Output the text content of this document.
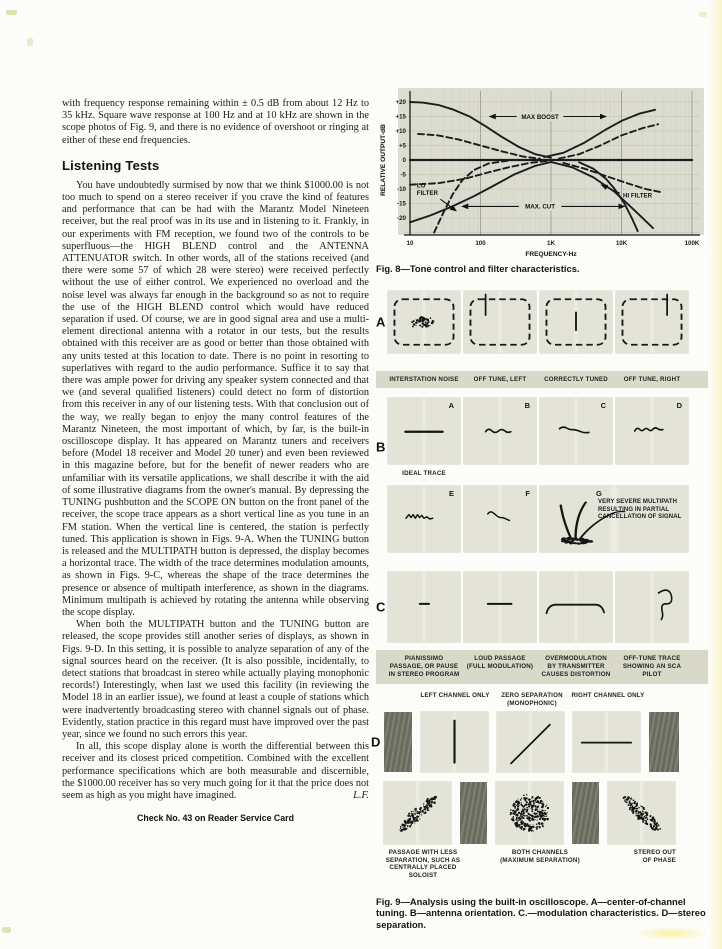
with frequency response remaining within ± 0.5 dB from about 12 Hz to 35 kHz. Square wave response at 100 Hz and at 10 kHz are shown in the scope photos of Fig. 9, and there is no evidence of overshoot or ringing at either of these end frequencies.

Listening Tests

You have undoubtedly surmised by now that we think $1000.00 is not too much to spend on a stereo receiver if you crave the kind of features and performance that can be had with the Marantz Model Nineteen receiver, but the real proof was in its use and in listening to it. Frankly, in our experiments with FM reception, we found two of the controls to be superfluous—the HIGH BLEND control and the ANTENNA ATTENUATOR switch. In other words, all of the stations received (and there were some 57 of which 28 were stereo) were received perfectly without the use of either control. We experienced no overload and the noise level was always far enough in the background so as not to require the use of the HIGH BLEND control which would have reduced separation if used. Of course, we are in good signal area and use a multi-element directional antenna with a rotator in our tests, but the results obtained with this receiver are as good or better than those obtained with any units tested at this location to date. There is no point in resorting to superlatives with regard to the audio performance. Suffice it to say that there was ample power for driving any speaker system connected and that we (and several qualified listeners) could detect no form of distortion from this receiver in any of our listening tests. With that conclusion out of the way, we really began to enjoy the many control features of the Marantz Nineteen, the most important of which, by far, is the built-in oscilloscope display. It has appeared on Marantz tuners and receivers before (Model 18 receiver and Model 20 tuner) and even been reviewed in this magazine before, but for the benefit of newer readers who are unfamiliar with its versatile applications, we shall describe it with the aid of some illustrative diagrams from the owner's manual. By depressing the TUNING pushbutton and the SCOPE ON button on the front panel of the receiver, the scope trace appears as a short vertical line as you tune in an FM station. When the vertical line is centered, the station is perfectly tuned. This application is shown in Figs. 9-A. When the TUNING button is released and the MULTIPATH button is depressed, the display becomes a horizontal trace. The width of the trace determines modulation amounts, as shown in Figs. 9-C, whereas the shape of the trace determines the presence or absence of multipath interference, as shown in the diagrams. Minimum multipath is achieved by rotating the antenna while observing the scope display.

When both the MULTIPATH button and the TUNING button are released, the scope provides still another series of displays, as shown in Figs. 9-D. In this setting, it is possible to analyze separation of any of the signal sources heard on the receiver. (It is also possible, incidentally, to detect stations that broadcast in stereo while actually playing monophonic records!) Interestingly, when last we used this facility (in reviewing the Model 18 in an earlier issue), we found at least a couple of stations which were inadvertently broadcasting stereo with channel signals out of phase. Evidently, station practice in this regard must have improved over the past year, since we found no such errors this year.

In all, this scope display alone is worth the differential between this receiver and its closest priced competition. Combined with the excellent performance specifications which are both measurable and discernible, the $1000.00 receiver has so very much going for it that the price does not seem as high as you might have imagined.	L.F.

Check No. 43 on Reader Service Card
+20
+15
+10
+5
0
-5
-10
-15
-20
10	100	1K	10K	100K
FREQUENCY-Hz
RELATIVE OUTPUT-dB
MAX BOOST
MAX. CUT
LO
FILTER	HI FILTER
Fig. 8—Tone control and filter characteristics.
A
INTERSTATION NOISE	OFF TUNE, LEFT	CORRECTLY TUNED	OFF TUNE, RIGHT
B
A	B	C	D
IDEAL TRACE
E	F	G
VERY SEVERE MULTIPATH RESULTING IN PARTIAL CANCELLATION OF SIGNAL
C
PIANISSIMO PASSAGE, OR PAUSE IN STEREO PROGRAM
LOUD PASSAGE (FULL MODULATION)
OVERMODULATION BY TRANSMITTER CAUSES DISTORTION
OFF-TUNE TRACE SHOWING AN SCA PILOT
LEFT CHANNEL ONLY	ZERO SEPARATION (MONOPHONIC)
RIGHT CHANNEL ONLY
D
PASSAGE WITH LESS SEPARATION, SUCH AS CENTRALLY PLACED SOLOIST
BOTH CHANNELS (MAXIMUM SEPARATION)
STEREO OUT OF PHASE
Fig. 9—Analysis using the built-in oscilloscope. A—center-of-channel tuning. B—antenna orientation. C.—modulation characteristics. D—stereo separation.
